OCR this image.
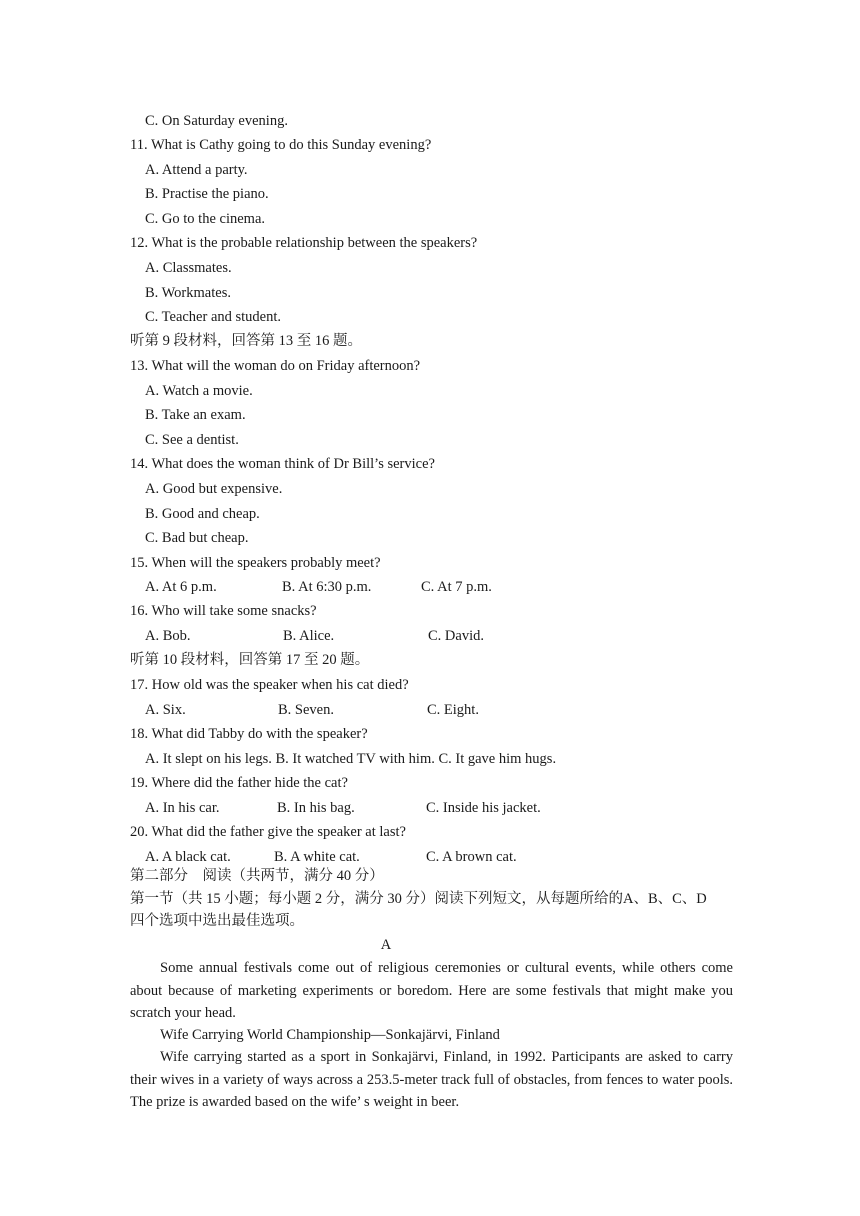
C. On Saturday evening.
11. What is Cathy going to do this Sunday evening?
A. Attend a party.
B. Practise the piano.
C. Go to the cinema.
12. What is the probable relationship between the speakers?
A. Classmates.
B. Workmates.
C. Teacher and student.
听第 9 段材料，回答第 13 至 16 题。
13. What will the woman do on Friday afternoon?
A. Watch a movie.
B. Take an exam.
C. See a dentist.
14. What does the woman think of Dr Bill’s service?
A. Good but expensive.
B. Good and cheap.
C. Bad but cheap.
15. When will the speakers probably meet?
A. At 6 p.m.	B. At 6:30 p.m.	C. At 7 p.m.
16. Who will take some snacks?
A. Bob.	B. Alice.	C. David.
听第 10 段材料，回答第 17 至 20 题。
17. How old was the speaker when his cat died?
A. Six.	B. Seven.	C. Eight.
18. What did Tabby do with the speaker?
A. It slept on his legs. B. It watched TV with him. C. It gave him hugs.
19. Where did the father hide the cat?
A. In his car.	B. In his bag.	C. Inside his jacket.
20. What did the father give the speaker at last?
A. A black cat.	B. A white cat.	C. A brown cat.
第二部分　阅读（共两节，满分 40 分）
第一节（共 15 小题；每小题 2 分，满分 30 分）阅读下列短文，从每题所给的A、B、C、D
四个选项中选出最佳选项。
A
Some annual festivals come out of religious ceremonies or cultural events, while others come about because of marketing experiments or boredom. Here are some festivals that might make you scratch your head.
Wife Carrying World Championship—Sonkajärvi, Finland
Wife carrying started as a sport in Sonkajärvi, Finland, in 1992. Participants are asked to carry their wives in a variety of ways across a 253.5-meter track full of obstacles, from fences to water pools. The prize is awarded based on the wife’ s weight in beer.
